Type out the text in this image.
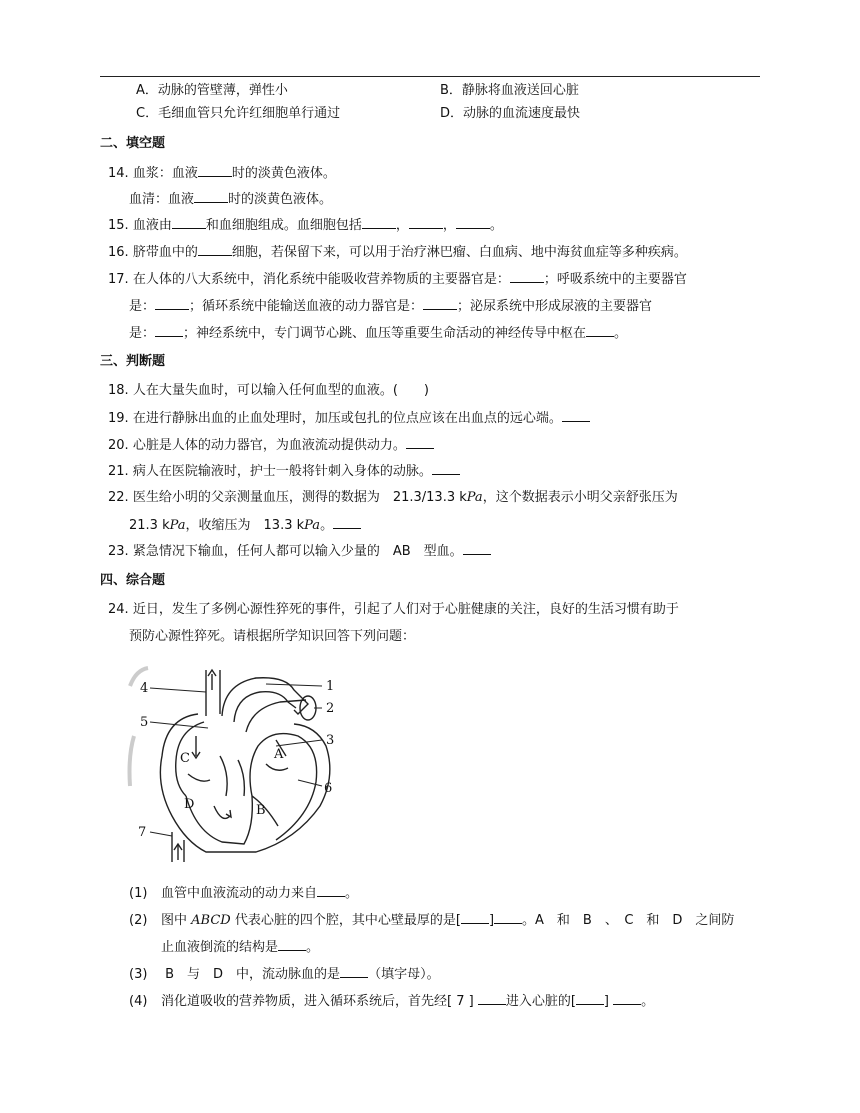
A．动脉的管壁薄，弹性小	B．静脉将血液送回心脏
C．毛细血管只允许红细胞单行通过	D．动脉的血流速度最快
二、填空题
14. 血浆：血液	时的淡黄色液体。
血清：血液	时的淡黄色液体。
15. 血液由	和血细胞组成。血细胞包括	，	，	。
16. 脐带血中的	细胞，若保留下来，可以用于治疗淋巴瘤、白血病、地中海贫血症等多种疾病。
17. 在人体的八大系统中，消化系统中能吸收营养物质的主要器官是：	；呼吸系统中的主要器官
是：	；循环系统中能输送血液的动力器官是：	；泌尿系统中形成尿液的主要器官
是： ；神经系统中，专门调节心跳、血压等重要生命活动的神经传导中枢在 。
三、判断题
18. 人在大量失血时，可以输入任何血型的血液。(　　)
19. 在进行静脉出血的止血处理时，加压或包扎的位点应该在出血点的远心端。
20. 心脏是人体的动力器官，为血液流动提供动力。
21. 病人在医院输液时，护士一般将针刺入身体的动脉。
22. 医生给小明的父亲测量血压，测得的数据为　21.3/13.3 kPa，这个数据表示小明父亲舒张压为
21.3 kPa，收缩压为　13.3 kPa。
23. 紧急情况下输血，任何人都可以输入少量的　AB　型血。
四、综合题
24. 近日，发生了多例心源性猝死的事件，引起了人们对于心脏健康的关注，良好的生活习惯有助于
预防心源性猝死。请根据所学知识回答下列问题：
4
5
1
2
3
6
7
C
D
A
B
(1) 血管中血液流动的动力来自 。
(2) 图中 ABCD 代表心脏的四个腔，其中心壁最厚的是[ ] 。A　和　B　、　C　和　D　之间防
止血液倒流的结构是 。
(3) B　与　D　中，流动脉血的是 （填字母）。
(4) 消化道吸收的营养物质，进入循环系统后，首先经[ 7 ] 进入心脏的[ ] 。
